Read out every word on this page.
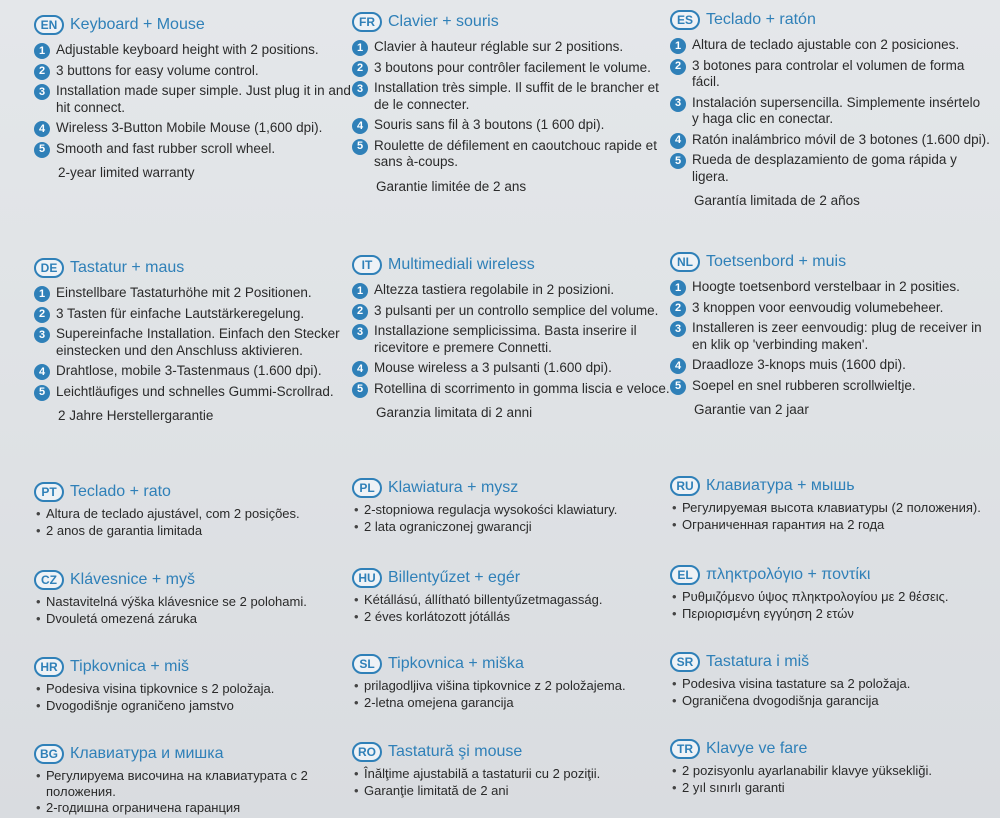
EN Keyboard + Mouse
1 Adjustable keyboard height with 2 positions.
2 3 buttons for easy volume control.
3 Installation made super simple. Just plug it in and hit connect.
4 Wireless 3-Button Mobile Mouse (1,600 dpi).
5 Smooth and fast rubber scroll wheel.
2-year limited warranty
DE Tastatur + maus
1 Einstellbare Tastaturhöhe mit 2 Positionen.
2 3 Tasten für einfache Lautstärkeregelung.
3 Supereinfache Installation. Einfach den Stecker einstecken und den Anschluss aktivieren.
4 Drahtlose, mobile 3-Tastenmaus (1.600 dpi).
5 Leichtläufiges und schnelles Gummi-Scrollrad.
2 Jahre Herstellergarantie
PT Teclado + rato
• Altura de teclado ajustável, com 2 posições.
• 2 anos de garantia limitada
CZ Klávesnice + myš
• Nastavitelná výška klávesnice se 2 polohami.
• Dvouletá omezená záruka
HR Tipkovnica + miš
• Podesiva visina tipkovnice s 2 položaja.
• Dvogodišnje ograničeno jamstvo
BG Клавиатура и мишка
• Регулируема височина на клавиатурата с 2 положения.
• 2-годишна ограничена гаранция
FR Clavier + souris
1 Clavier à hauteur réglable sur 2 positions.
2 3 boutons pour contrôler facilement le volume.
3 Installation très simple. Il suffit de le brancher et de le connecter.
4 Souris sans fil à 3 boutons (1 600 dpi).
5 Roulette de défilement en caoutchouc rapide et sans à-coups.
Garantie limitée de 2 ans
IT Multimediali wireless
1 Altezza tastiera regolabile in 2 posizioni.
2 3 pulsanti per un controllo semplice del volume.
3 Installazione semplicissima. Basta inserire il ricevitore e premere Connetti.
4 Mouse wireless a 3 pulsanti (1.600 dpi).
5 Rotellina di scorrimento in gomma liscia e veloce.
Garanzia limitata di 2 anni
PL Klawiatura + mysz
• 2-stopniowa regulacja wysokości klawiatury.
• 2 lata ograniczonej gwarancji
HU Billentyűzet + egér
• Kétállású, állítható billentyűzetmagasság.
• 2 éves korlátozott jótállás
SL Tipkovnica + miška
• prilagodljiva višina tipkovnice z 2 položajema.
• 2-letna omejena garancija
RO Tastatură şi mouse
• Înălţime ajustabilă a tastaturii cu 2 poziţii.
• Garanţie limitată de 2 ani
ES Teclado + ratón
1 Altura de teclado ajustable con 2 posiciones.
2 3 botones para controlar el volumen de forma fácil.
3 Instalación supersencilla. Simplemente insértelo y haga clic en conectar.
4 Ratón inalámbrico móvil de 3 botones (1.600 dpi).
5 Rueda de desplazamiento de goma rápida y ligera.
Garantía limitada de 2 años
NL Toetsenbord + muis
1 Hoogte toetsenbord verstelbaar in 2 posities.
2 3 knoppen voor eenvoudig volumebeheer.
3 Installeren is zeer eenvoudig: plug de receiver in en klik op 'verbinding maken'.
4 Draadloze 3-knops muis (1600 dpi).
5 Soepel en snel rubberen scrollwieltje.
Garantie van 2 jaar
RU Клавиатура + мышь
• Регулируемая высота клавиатуры (2 положения).
• Ограниченная гарантия на 2 года
EL πληκτρολόγιο + ποντίκι
• Ρυθμιζόμενο ύψος πληκτρολογίου με 2 θέσεις.
• Περιορισμένη εγγύηση 2 ετών
SR Tastatura i miš
• Podesiva visina tastature sa 2 položaja.
• Ograničena dvogodišnja garancija
TR Klavye ve fare
• 2 pozisyonlu ayarlanabilir klavye yüksekliği.
• 2 yıl sınırlı garanti
